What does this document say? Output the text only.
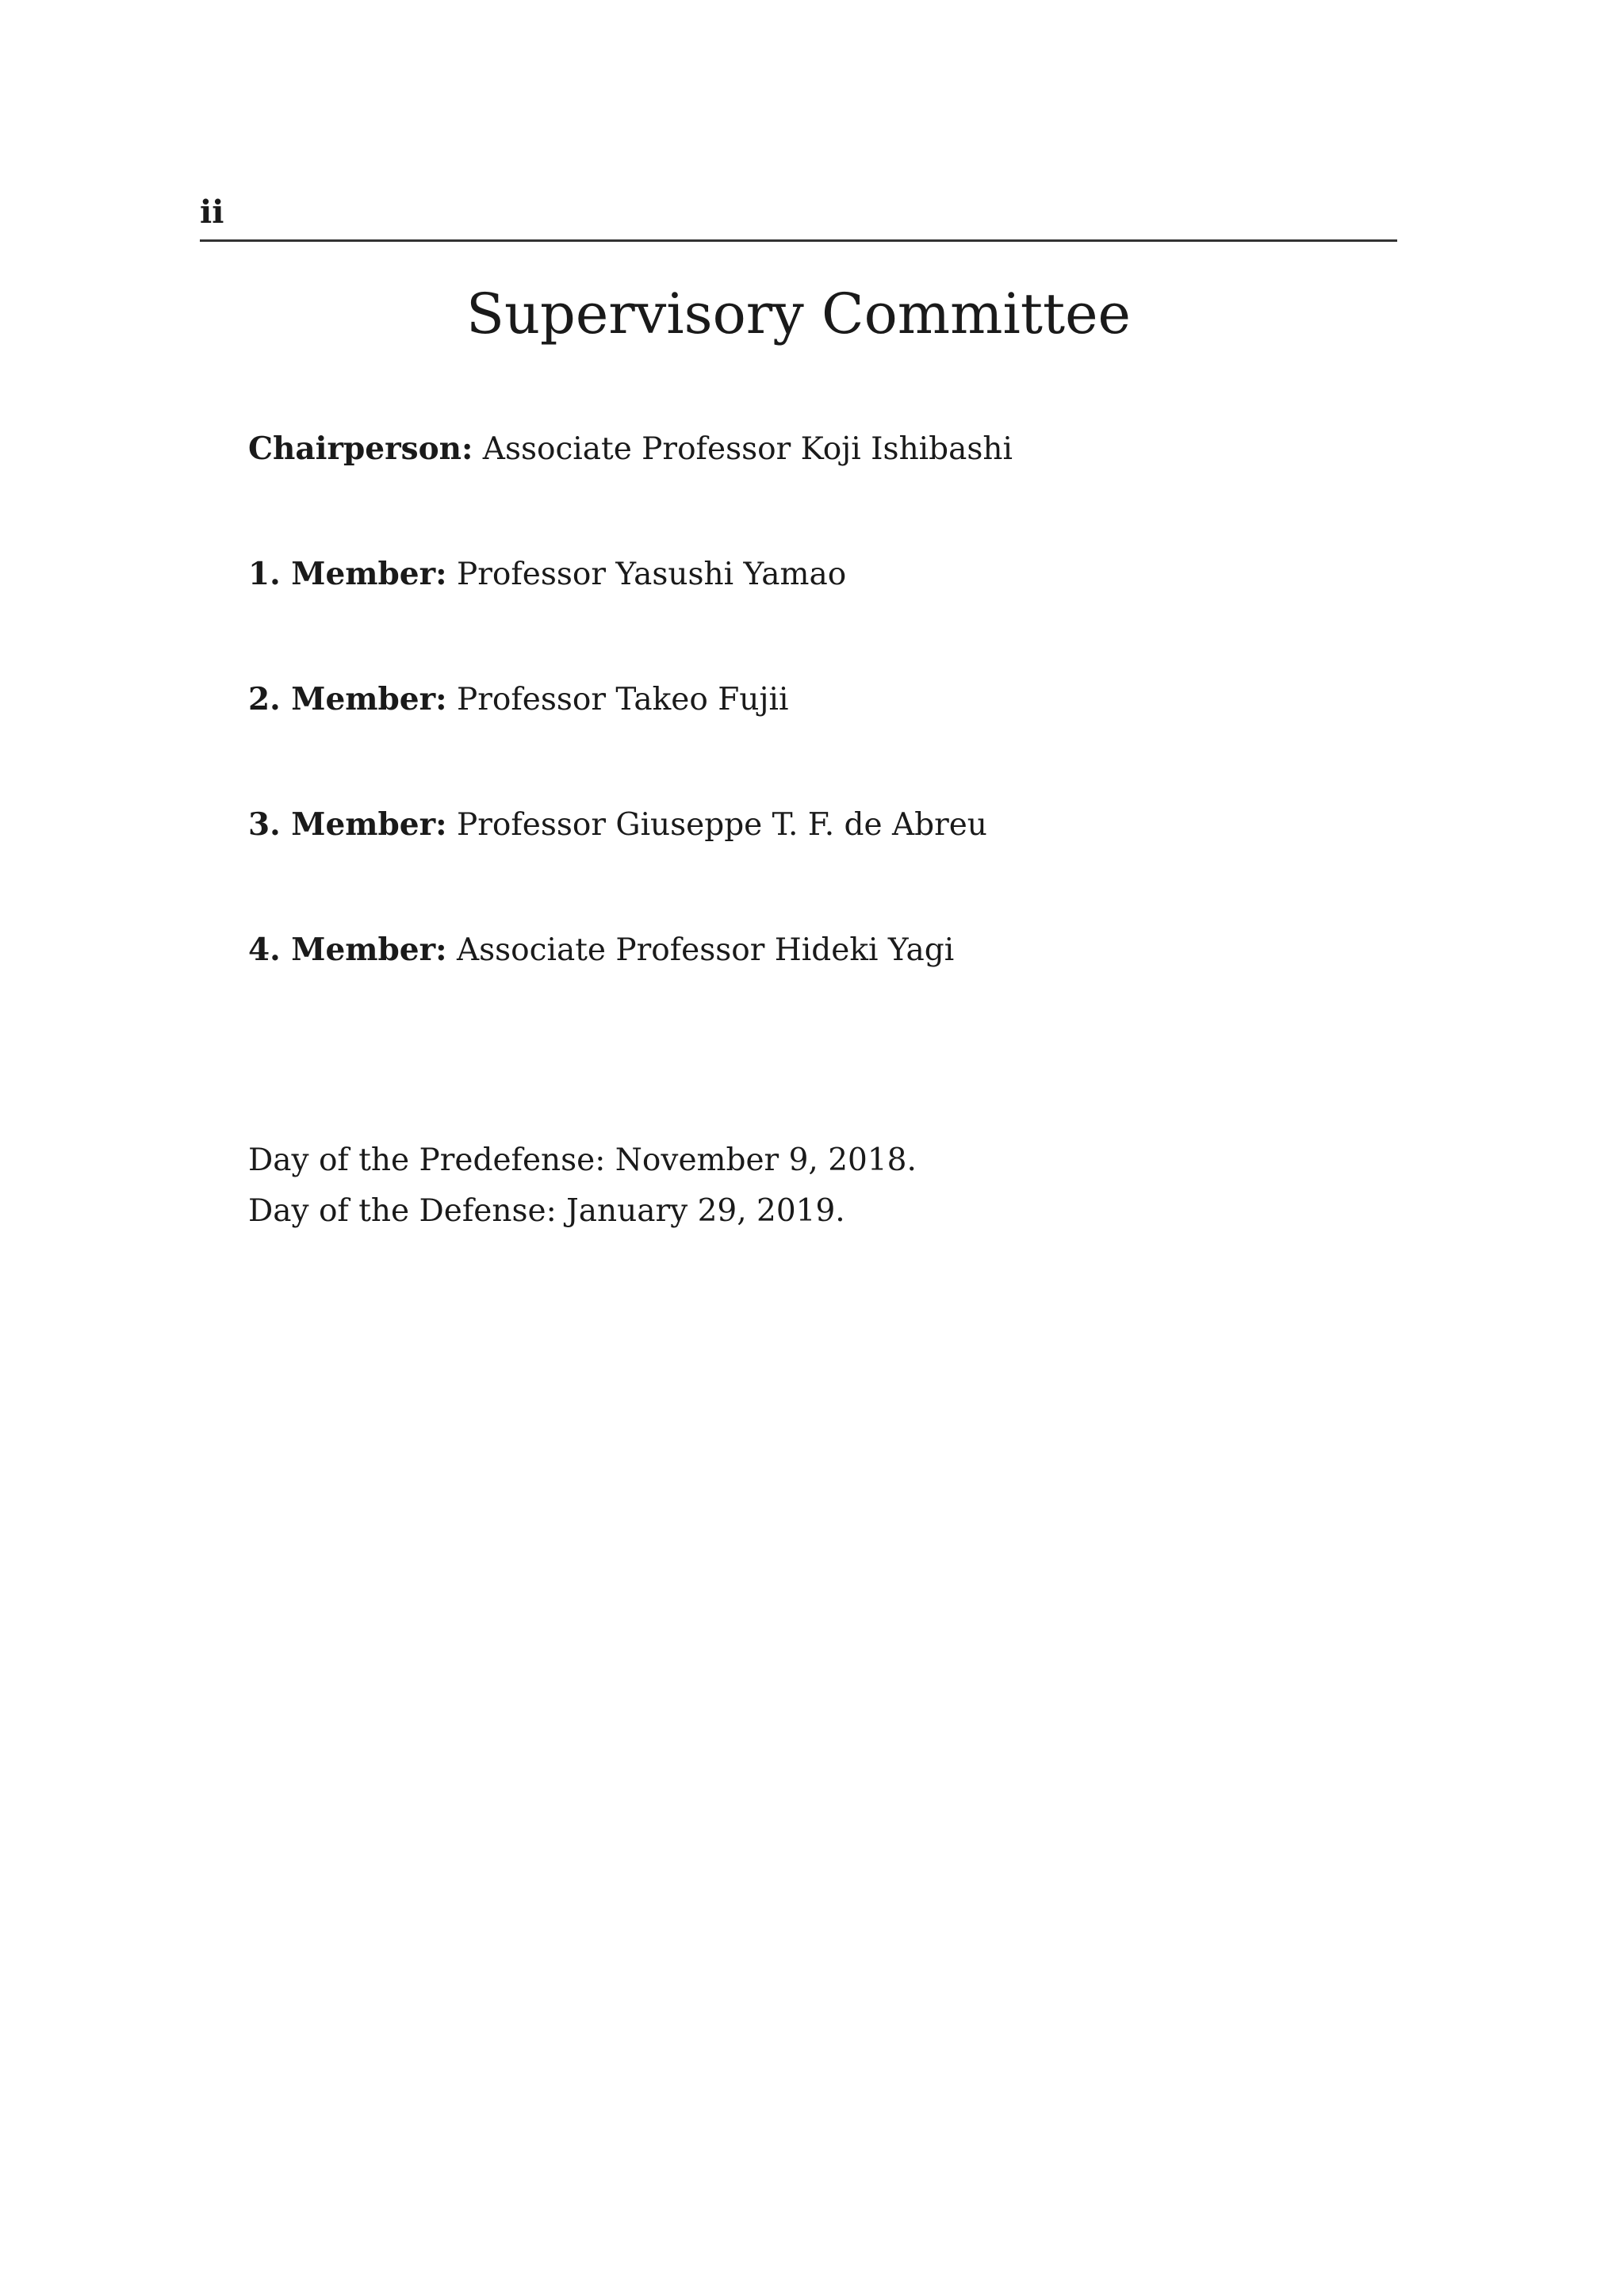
ii
Supervisory Committee
Chairperson: Associate Professor Koji Ishibashi
1. Member: Professor Yasushi Yamao
2. Member: Professor Takeo Fujii
3. Member: Professor Giuseppe T. F. de Abreu
4. Member: Associate Professor Hideki Yagi
Day of the Predefense: November 9, 2018.
Day of the Defense: January 29, 2019.
